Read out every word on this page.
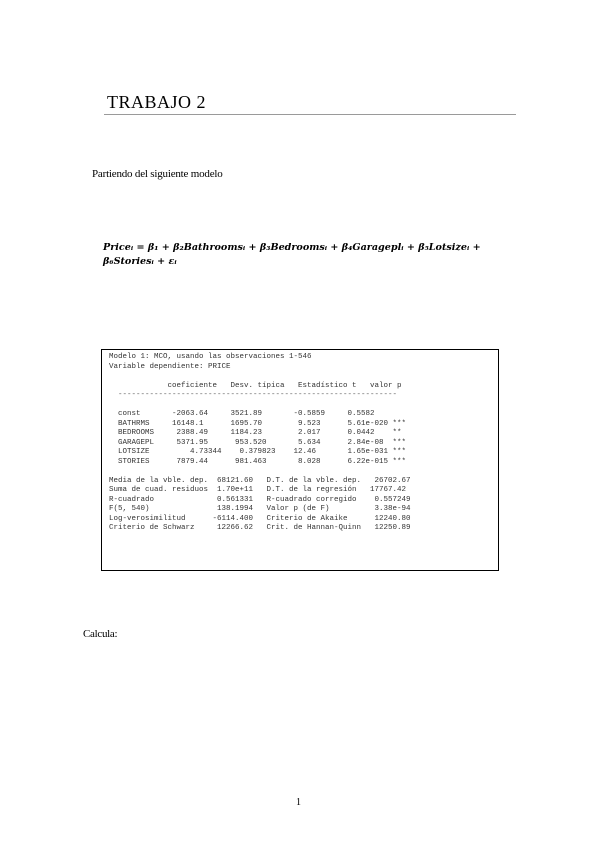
TRABAJO 2
Partiendo del siguiente modelo
Priceᵢ = β₁ + β₂Bathroomsᵢ + β₃Bedroomsᵢ + β₄Garageplᵢ + β₅Lotsizeᵢ +
β₆Storiesᵢ + εᵢ
Modelo 1: MCO, usando las observaciones 1-546
Variable dependiente: PRICE

coeficiente   Desv. típica   Estadístico t   valor p
--------------------------------------------------------------

const       -2063.64     3521.89       -0.5859     0.5582
BATHRMS     16148.1      1695.70        9.523      5.61e-020 ***
BEDROOMS     2388.49     1184.23        2.017      0.0442    **
GARAGEPL     5371.95      953.520       5.634      2.84e-08  ***
LOTSIZE         4.73344    0.379823    12.46       1.65e-031 ***
STORIES      7879.44      981.463       8.028      6.22e-015 ***

Media de la vble. dep.  68121.60   D.T. de la vble. dep.   26702.67
Suma de cuad. residuos  1.70e+11   D.T. de la regresión   17767.42
R-cuadrado              0.561331   R-cuadrado corregido    0.557249
F(5, 540)               138.1994   Valor p (de F)          3.38e-94
Log-verosimilitud      -6114.400   Criterio de Akaike      12240.80
Criterio de Schwarz     12266.62   Crit. de Hannan-Quinn   12250.89
Calcula:
1
